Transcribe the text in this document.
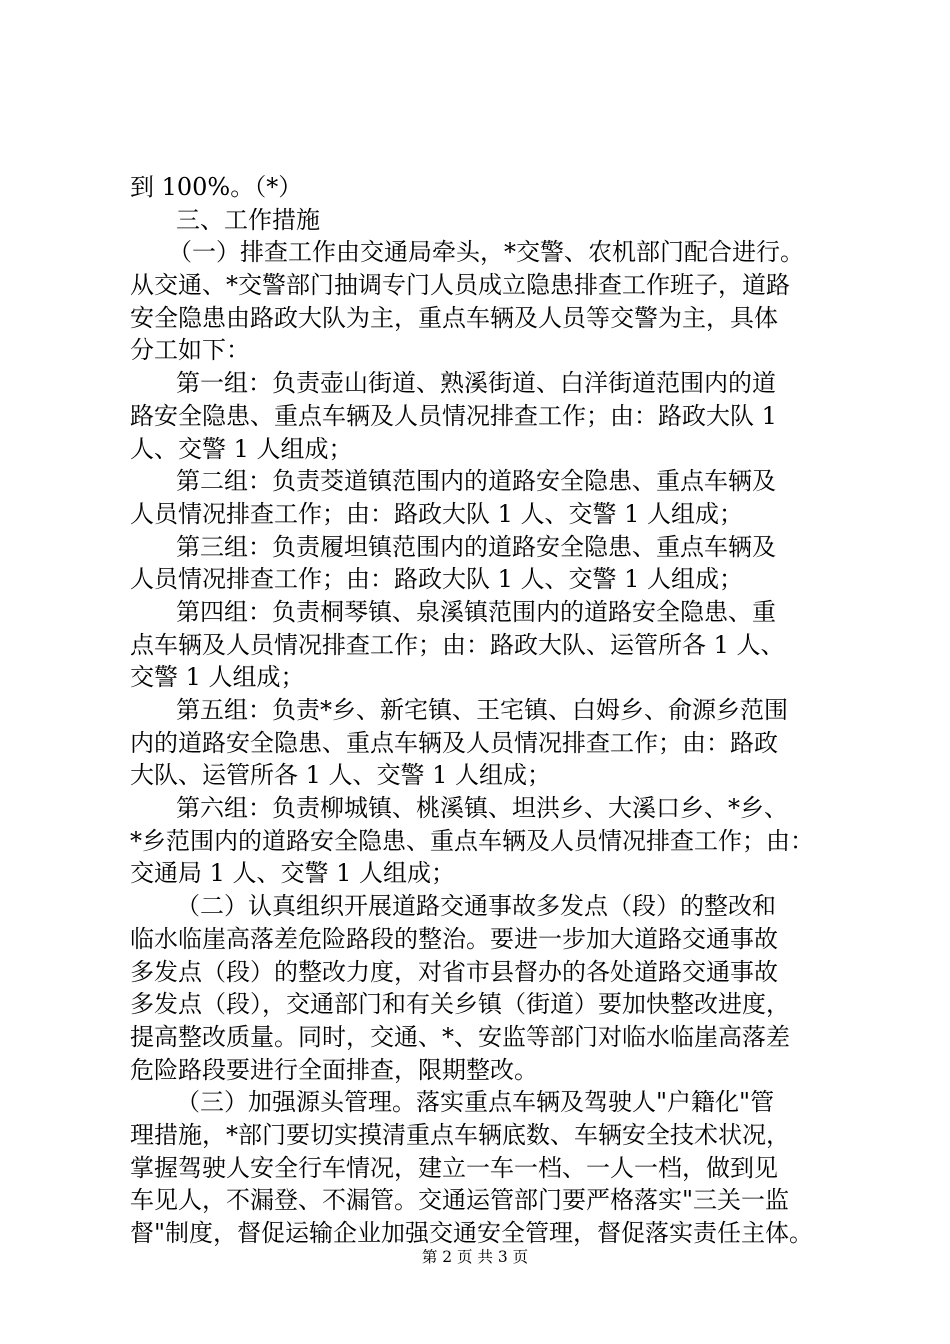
到 100%。（*）
三、工作措施
（一）排查工作由交通局牵头，*交警、农机部门配合进行。
从交通、*交警部门抽调专门人员成立隐患排查工作班子，道路
安全隐患由路政大队为主，重点车辆及人员等交警为主，具体
分工如下：
第一组：负责壶山街道、熟溪街道、白洋街道范围内的道
路安全隐患、重点车辆及人员情况排查工作；由：路政大队 1
人、交警 1 人组成；
第二组：负责茭道镇范围内的道路安全隐患、重点车辆及
人员情况排查工作；由：路政大队 1 人、交警 1 人组成；
第三组：负责履坦镇范围内的道路安全隐患、重点车辆及
人员情况排查工作；由：路政大队 1 人、交警 1 人组成；
第四组：负责桐琴镇、泉溪镇范围内的道路安全隐患、重
点车辆及人员情况排查工作；由：路政大队、运管所各 1 人、
交警 1 人组成；
第五组：负责*乡、新宅镇、王宅镇、白姆乡、俞源乡范围
内的道路安全隐患、重点车辆及人员情况排查工作；由：路政
大队、运管所各 1 人、交警 1 人组成；
第六组：负责柳城镇、桃溪镇、坦洪乡、大溪口乡、*乡、
*乡范围内的道路安全隐患、重点车辆及人员情况排查工作；由：
交通局 1 人、交警 1 人组成；
（二）认真组织开展道路交通事故多发点（段）的整改和
临水临崖高落差危险路段的整治。要进一步加大道路交通事故
多发点（段）的整改力度，对省市县督办的各处道路交通事故
多发点（段），交通部门和有关乡镇（街道）要加快整改进度，
提高整改质量。同时，交通、*、安监等部门对临水临崖高落差
危险路段要进行全面排查，限期整改。
（三）加强源头管理。落实重点车辆及驾驶人"户籍化"管
理措施，*部门要切实摸清重点车辆底数、车辆安全技术状况，
掌握驾驶人安全行车情况，建立一车一档、一人一档，做到见
车见人，不漏登、不漏管。交通运管部门要严格落实"三关一监
督"制度，督促运输企业加强交通安全管理，督促落实责任主体。
第 2 页 共 3 页
